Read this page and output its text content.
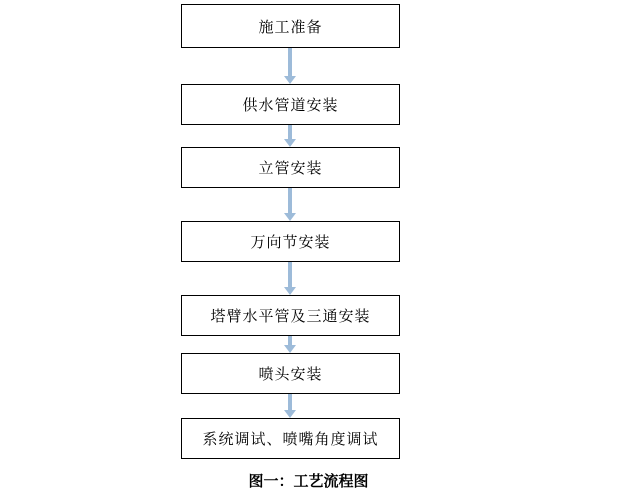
施工准备
供水管道安装
立管安装
万向节安装
塔臂水平管及三通安装
喷头安装
系统调试、喷嘴角度调试
图一：工艺流程图
